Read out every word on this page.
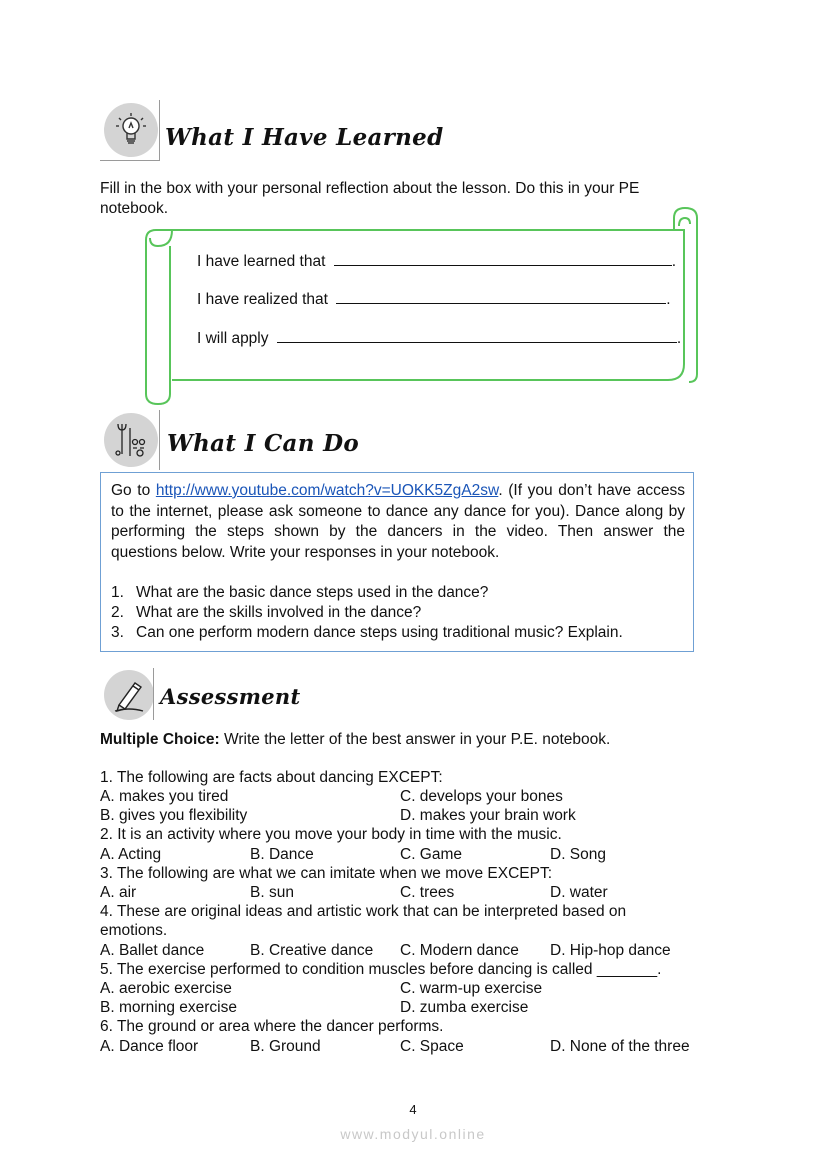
What I Have Learned
Fill in the box with your personal reflection about the lesson. Do this in your PE notebook.
I have learned that	.
I have realized that	.
I will apply	.
What I Can Do
Go to http://www.youtube.com/watch?v=UOKK5ZgA2sw. (If you don’t have access to the internet, please ask someone to dance any dance for you). Dance along by performing the steps shown by the dancers in the video. Then answer the questions below. Write your responses in your notebook.
1. What are the basic dance steps used in the dance?
2. What are the skills involved in the dance?
3. Can one perform modern dance steps using traditional music? Explain.
Assessment
Multiple Choice: Write the letter of the best answer in your P.E. notebook.
1. The following are facts about dancing EXCEPT:
A. makes you tired	C. develops your bones
B. gives you flexibility	D. makes your brain work
2. It is an activity where you move your body in time with the music.
A. Acting	B. Dance	C. Game	D. Song
3. The following are what we can imitate when we move EXCEPT:
A. air	B. sun	C. trees	D. water
4. These are original ideas and artistic work that can be interpreted based on
emotions.
A. Ballet dance	B. Creative dance C. Modern dance D. Hip-hop dance
5. The exercise performed to condition muscles before dancing is called _______.
A. aerobic exercise	C. warm-up exercise
B. morning exercise	D. zumba exercise
6. The ground or area where the dancer performs.
A. Dance floor	B. Ground	C. Space	D. None of the three
4
www.modyul.online
